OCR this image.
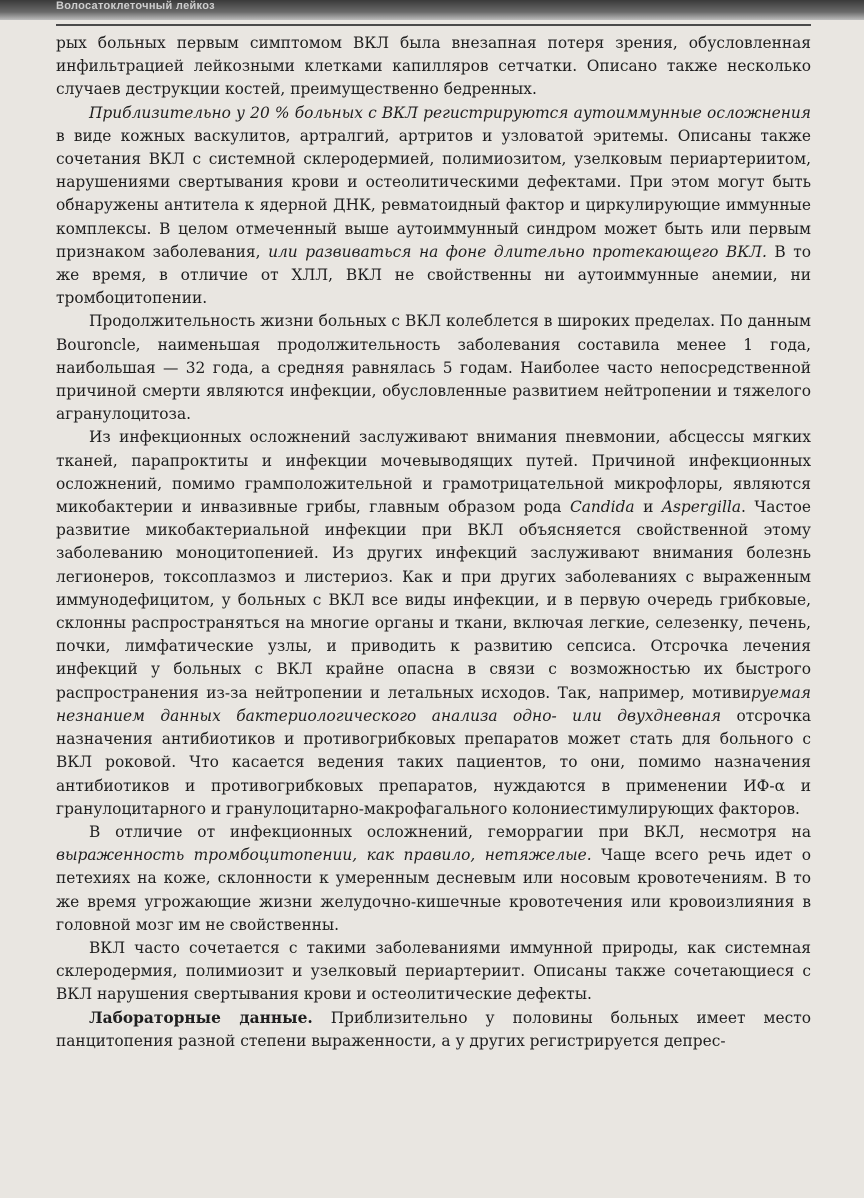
Волосатоклеточный лейкоз

рых больных первым симптомом ВКЛ была внезапная потеря зрения, обусловленная инфильтрацией лейкозными клетками капилляров сетчатки. Описано также несколько случаев деструкции костей, преимущественно бедренных.

Приблизительно у 20 % больных с ВКЛ регистрируются аутоиммунные осложнения в виде кожных васкулитов, артралгий, артритов и узловатой эритемы. Описаны также сочетания ВКЛ с системной склеродермией, полимиозитом, узелковым периартериитом, нарушениями свертывания крови и остеолитическими дефектами. При этом могут быть обнаружены антитела к ядерной ДНК, ревматоидный фактор и циркулирующие иммунные комплексы. В целом отмеченный выше аутоиммунный синдром может быть или первым признаком заболевания, или развиваться на фоне длительно протекающего ВКЛ. В то же время, в отличие от ХЛЛ, ВКЛ не свойственны ни аутоиммунные анемии, ни тромбоцитопении.

Продолжительность жизни больных с ВКЛ колеблется в широких пределах. По данным Bouroncle, наименьшая продолжительность заболевания составила менее 1 года, наибольшая — 32 года, а средняя равнялась 5 годам. Наиболее часто непосредственной причиной смерти являются инфекции, обусловленные развитием нейтропении и тяжелого агранулоцитоза.

Из инфекционных осложнений заслуживают внимания пневмонии, абсцессы мягких тканей, парапроктиты и инфекции мочевыводящих путей. Причиной инфекционных осложнений, помимо грамположительной и грамотрицательной микрофлоры, являются микобактерии и инвазивные грибы, главным образом рода Candida и Aspergilla. Частое развитие микобактериальной инфекции при ВКЛ объясняется свойственной этому заболеванию моноцитопенией. Из других инфекций заслуживают внимания болезнь легионеров, токсоплазмоз и листериоз. Как и при других заболеваниях с выраженным иммунодефицитом, у больных с ВКЛ все виды инфекции, и в первую очередь грибковые, склонны распространяться на многие органы и ткани, включая легкие, селезенку, печень, почки, лимфатические узлы, и приводить к развитию сепсиса. Отсрочка лечения инфекций у больных с ВКЛ крайне опасна в связи с возможностью их быстрого распространения из-за нейтропении и летальных исходов. Так, например, мотивируемая незнанием данных бактериологического анализа одно- или двухдневная отсрочка назначения антибиотиков и противогрибковых препаратов может стать для больного с ВКЛ роковой. Что касается ведения таких пациентов, то они, помимо назначения антибиотиков и противогрибковых препаратов, нуждаются в применении ИФ-α и гранулоцитарного и гранулоцитарно-макрофагального колониестимулирующих факторов.

В отличие от инфекционных осложнений, геморрагии при ВКЛ, несмотря на выраженность тромбоцитопении, как правило, нетяжелые. Чаще всего речь идет о петехиях на коже, склонности к умеренным десневым или носовым кровотечениям. В то же время угрожающие жизни желудочно-кишечные кровотечения или кровоизлияния в головной мозг им не свойственны.

ВКЛ часто сочетается с такими заболеваниями иммунной природы, как системная склеродермия, полимиозит и узелковый периартериит. Описаны также сочетающиеся с ВКЛ нарушения свертывания крови и остеолитические дефекты.

Лабораторные данные. Приблизительно у половины больных имеет место панцитопения разной степени выраженности, а у других регистрируется депрес-
